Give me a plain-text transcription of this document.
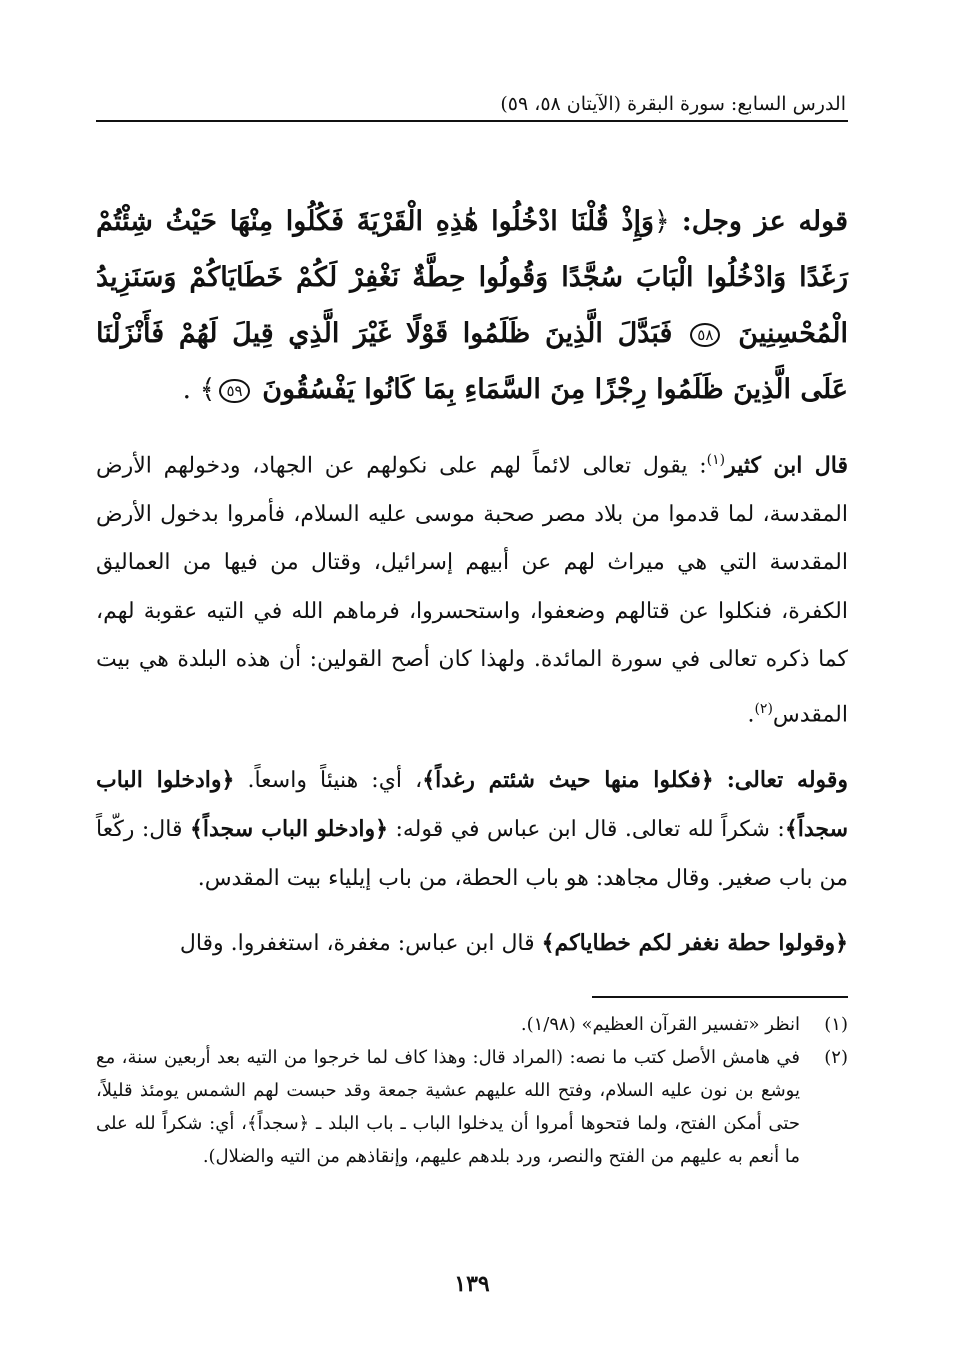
الدرس السابع: سورة البقرة (الآيتان ٥٨، ٥٩)

قوله عز وجل: ﴿وَإِذْ قُلْنَا ادْخُلُوا هَٰذِهِ الْقَرْيَةَ فَكُلُوا مِنْهَا حَيْثُ شِئْتُمْ رَغَدًا وَادْخُلُوا الْبَابَ سُجَّدًا وَقُولُوا حِطَّةٌ نَغْفِرْ لَكُمْ خَطَايَاكُمْ وَسَنَزِيدُ الْمُحْسِنِينَ ٥٨ فَبَدَّلَ الَّذِينَ ظَلَمُوا قَوْلًا غَيْرَ الَّذِي قِيلَ لَهُمْ فَأَنْزَلْنَا عَلَى الَّذِينَ ظَلَمُوا رِجْزًا مِنَ السَّمَاءِ بِمَا كَانُوا يَفْسُقُونَ ٥٩﴾ .

قال ابن كثير$^{(١)}$: يقول تعالى لائماً لهم على نكولهم عن الجهاد، ودخولهم الأرض المقدسة، لما قدموا من بلاد مصر صحبة موسى عليه السلام، فأمروا بدخول الأرض المقدسة التي هي ميراث لهم عن أبيهم إسرائيل، وقتال من فيها من العماليق الكفرة، فنكلوا عن قتالهم وضعفوا، واستحسروا، فرماهم الله في التيه عقوبة لهم، كما ذكره تعالى في سورة المائدة. ولهذا كان أصح القولين: أن هذه البلدة هي بيت المقدس$^{(٢)}$.

وقوله تعالى: ﴿فكلوا منها حيث شئتم رغداً﴾، أي: هنيئاً واسعاً. ﴿وادخلوا الباب سجداً﴾: شكراً لله تعالى. قال ابن عباس في قوله: ﴿وادخلو الباب سجداً﴾ قال: ركّعاً من باب صغير. وقال مجاهد: هو باب الحطة، من باب إيلياء بيت المقدس.

﴿وقولوا حطة نغفر لكم خطاياكم﴾ قال ابن عباس: مغفرة، استغفروا. وقال

(١)
انظر «تفسير القرآن العظيم» (١/٩٨).

(٢)
في هامش الأصل كتب ما نصه: (المراد قال: وهذا كاف لما خرجوا من التيه بعد أربعين سنة، مع يوشع بن نون عليه السلام، وفتح الله عليهم عشية جمعة وقد حبست لهم الشمس يومئذ قليلاً، حتى أمكن الفتح، ولما فتحوها أمروا أن يدخلوا الباب ـ باب البلد ـ ﴿سجداً﴾، أي: شكراً لله على ما أنعم به عليهم من الفتح والنصر، ورد بلدهم عليهم، وإنقاذهم من التيه والضلال).

١٣٩
